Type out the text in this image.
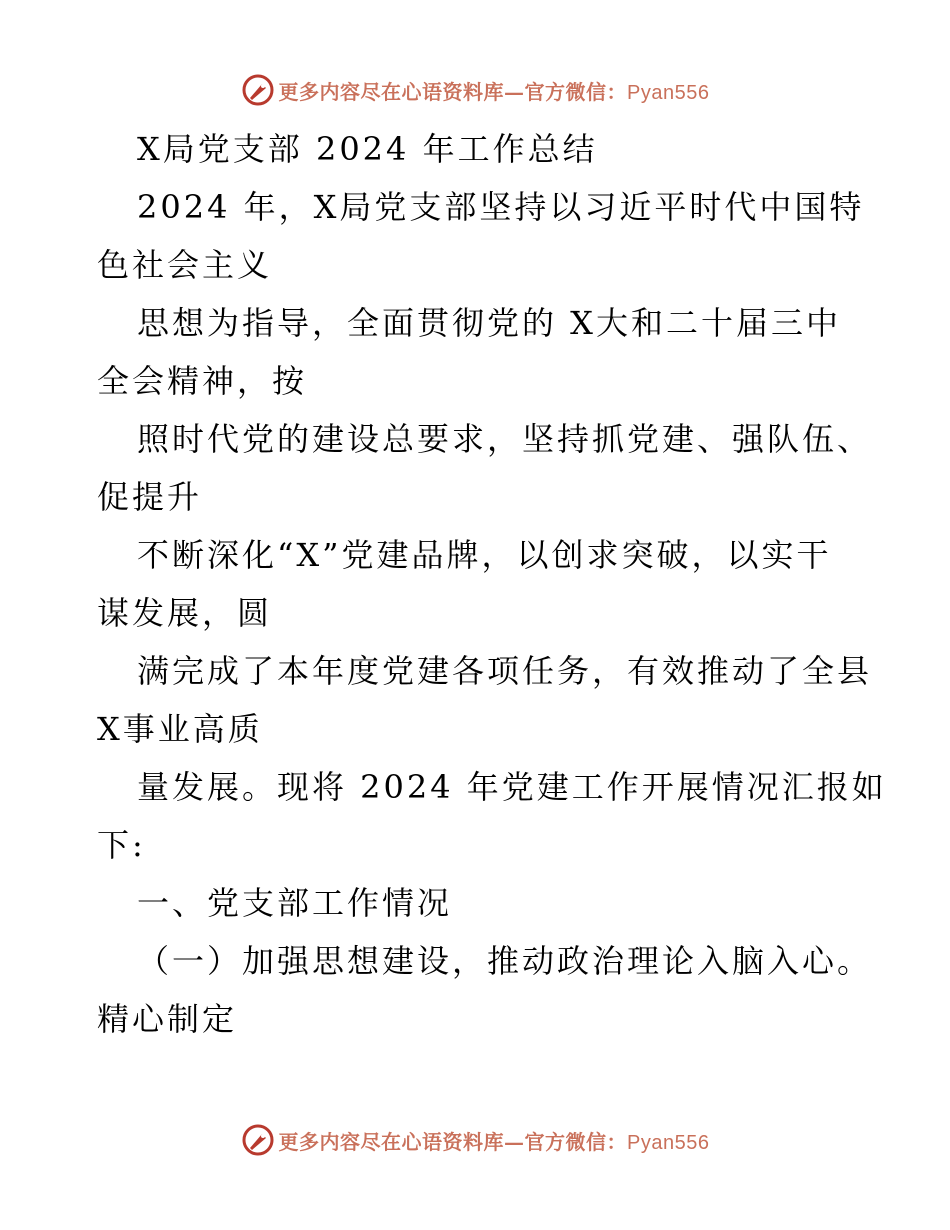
更多内容尽在心语资料库—官方微信：Pyan556
X局党支部 2024 年工作总结
2024 年，X局党支部坚持以习近平时代中国特
色社会主义
思想为指导，全面贯彻党的 X大和二十届三中
全会精神，按
照时代党的建设总要求，坚持抓党建、强队伍、
促提升
不断深化“X”党建品牌，以创求突破，以实干
谋发展，圆
满完成了本年度党建各项任务，有效推动了全县
X事业高质
量发展。现将 2024 年党建工作开展情况汇报如
下:
一、党支部工作情况
（一）加强思想建设，推动政治理论入脑入心。
精心制定
更多内容尽在心语资料库—官方微信：Pyan556
